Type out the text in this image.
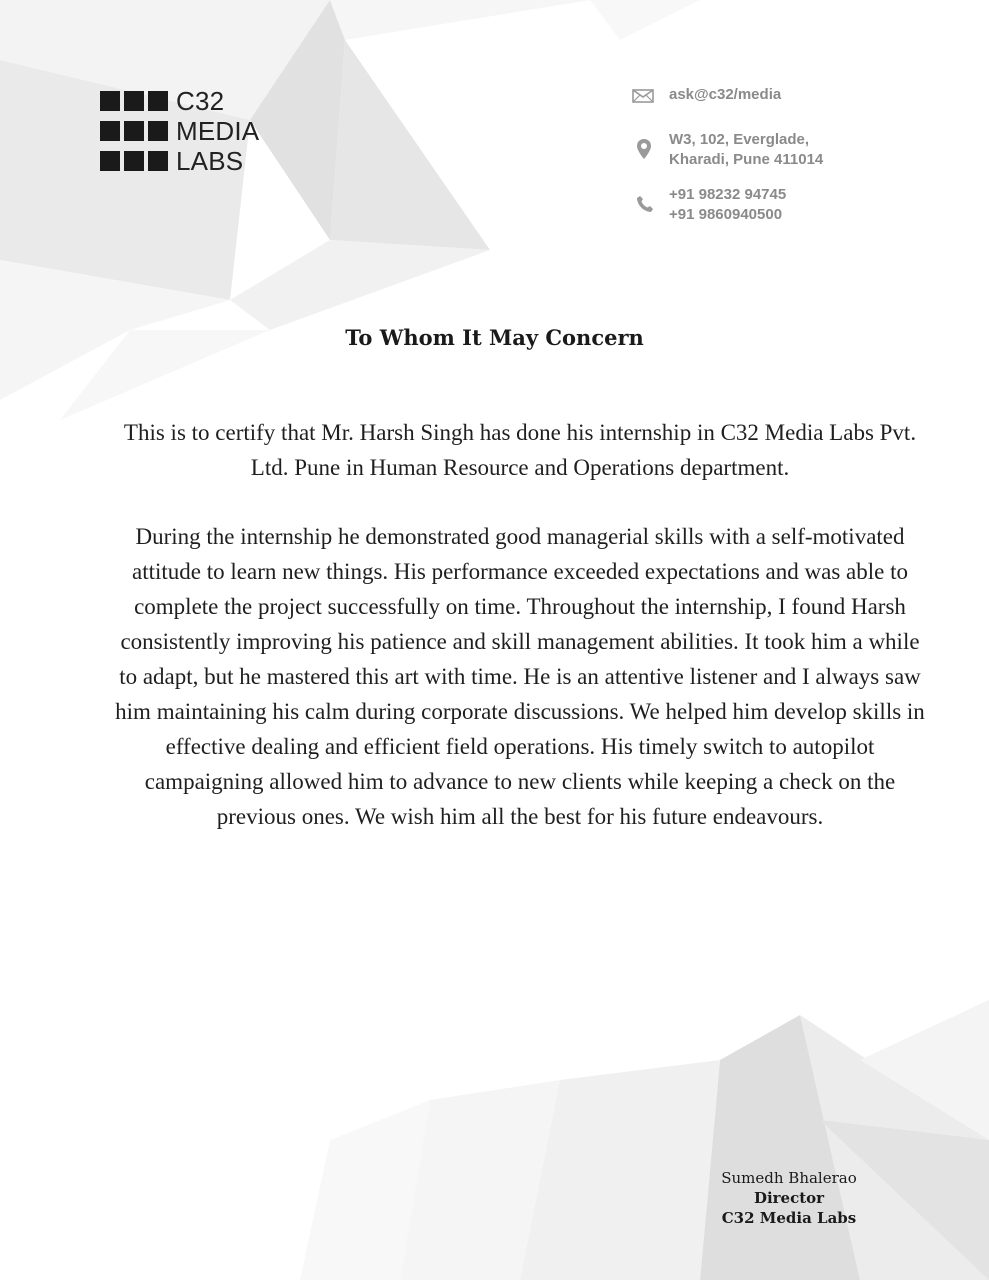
C32
MEDIA
LABS
ask@c32/media
W3, 102, Everglade,
Kharadi, Pune 411014
+91 98232 94745
+91 9860940500
To Whom It May Concern
This is to certify that Mr. Harsh Singh has done his internship in C32 Media Labs Pvt. Ltd. Pune in Human Resource and Operations department.
During the internship he demonstrated good managerial skills with a self-motivated attitude to learn new things. His performance exceeded expectations and was able to complete the project successfully on time. Throughout the internship, I found Harsh consistently improving his patience and skill management abilities. It took him a while to adapt, but he mastered this art with time. He is an attentive listener and I always saw him maintaining his calm during corporate discussions. We helped him develop skills in effective dealing and efficient field operations. His timely switch to autopilot campaigning allowed him to advance to new clients while keeping a check on the previous ones. We wish him all the best for his future endeavours.
Sumedh Bhalerao
Director
C32 Media Labs
